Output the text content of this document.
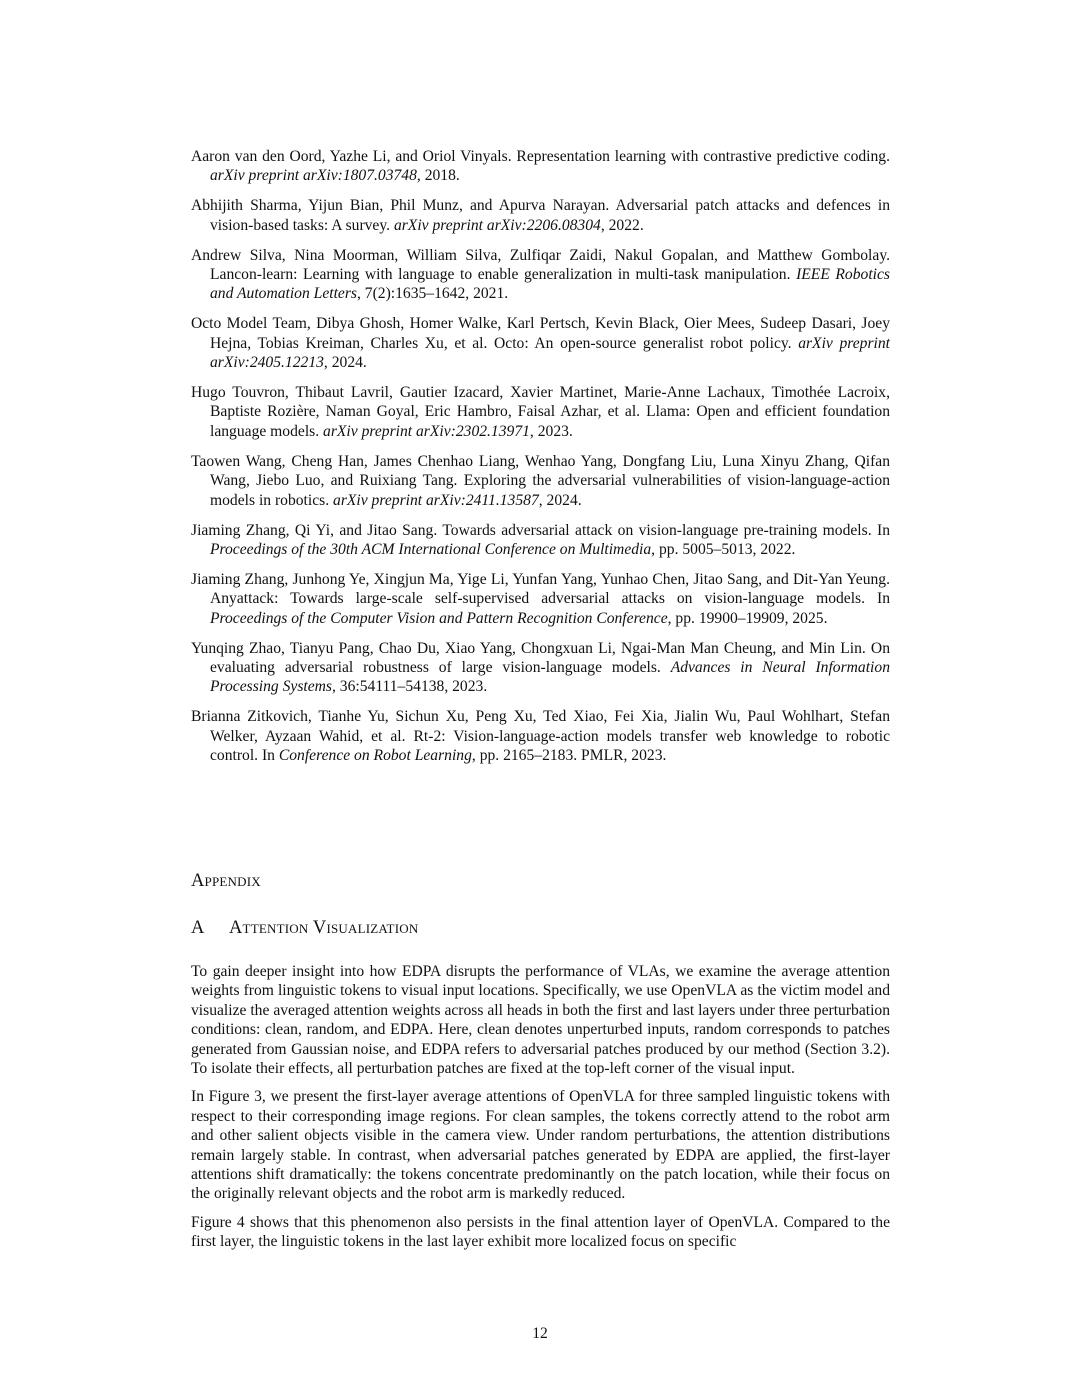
Aaron van den Oord, Yazhe Li, and Oriol Vinyals. Representation learning with contrastive predictive coding. arXiv preprint arXiv:1807.03748, 2018.

Abhijith Sharma, Yijun Bian, Phil Munz, and Apurva Narayan. Adversarial patch attacks and defences in vision-based tasks: A survey. arXiv preprint arXiv:2206.08304, 2022.

Andrew Silva, Nina Moorman, William Silva, Zulfiqar Zaidi, Nakul Gopalan, and Matthew Gombolay. Lancon-learn: Learning with language to enable generalization in multi-task manipulation. IEEE Robotics and Automation Letters, 7(2):1635–1642, 2021.

Octo Model Team, Dibya Ghosh, Homer Walke, Karl Pertsch, Kevin Black, Oier Mees, Sudeep Dasari, Joey Hejna, Tobias Kreiman, Charles Xu, et al. Octo: An open-source generalist robot policy. arXiv preprint arXiv:2405.12213, 2024.

Hugo Touvron, Thibaut Lavril, Gautier Izacard, Xavier Martinet, Marie-Anne Lachaux, Timothée Lacroix, Baptiste Rozière, Naman Goyal, Eric Hambro, Faisal Azhar, et al. Llama: Open and efficient foundation language models. arXiv preprint arXiv:2302.13971, 2023.

Taowen Wang, Cheng Han, James Chenhao Liang, Wenhao Yang, Dongfang Liu, Luna Xinyu Zhang, Qifan Wang, Jiebo Luo, and Ruixiang Tang. Exploring the adversarial vulnerabilities of vision-language-action models in robotics. arXiv preprint arXiv:2411.13587, 2024.

Jiaming Zhang, Qi Yi, and Jitao Sang. Towards adversarial attack on vision-language pre-training models. In Proceedings of the 30th ACM International Conference on Multimedia, pp. 5005–5013, 2022.

Jiaming Zhang, Junhong Ye, Xingjun Ma, Yige Li, Yunfan Yang, Yunhao Chen, Jitao Sang, and Dit-Yan Yeung. Anyattack: Towards large-scale self-supervised adversarial attacks on vision-language models. In Proceedings of the Computer Vision and Pattern Recognition Conference, pp. 19900–19909, 2025.

Yunqing Zhao, Tianyu Pang, Chao Du, Xiao Yang, Chongxuan Li, Ngai-Man Man Cheung, and Min Lin. On evaluating adversarial robustness of large vision-language models. Advances in Neural Information Processing Systems, 36:54111–54138, 2023.

Brianna Zitkovich, Tianhe Yu, Sichun Xu, Peng Xu, Ted Xiao, Fei Xia, Jialin Wu, Paul Wohlhart, Stefan Welker, Ayzaan Wahid, et al. Rt-2: Vision-language-action models transfer web knowledge to robotic control. In Conference on Robot Learning, pp. 2165–2183. PMLR, 2023.

Appendix
A Attention Visualization

To gain deeper insight into how EDPA disrupts the performance of VLAs, we examine the average attention weights from linguistic tokens to visual input locations. Specifically, we use OpenVLA as the victim model and visualize the averaged attention weights across all heads in both the first and last layers under three perturbation conditions: clean, random, and EDPA. Here, clean denotes unperturbed inputs, random corresponds to patches generated from Gaussian noise, and EDPA refers to adversarial patches produced by our method (Section 3.2). To isolate their effects, all perturbation patches are fixed at the top-left corner of the visual input.

In Figure 3, we present the first-layer average attentions of OpenVLA for three sampled linguistic tokens with respect to their corresponding image regions. For clean samples, the tokens correctly attend to the robot arm and other salient objects visible in the camera view. Under random perturbations, the attention distributions remain largely stable. In contrast, when adversarial patches generated by EDPA are applied, the first-layer attentions shift dramatically: the tokens concentrate predominantly on the patch location, while their focus on the originally relevant objects and the robot arm is markedly reduced.

Figure 4 shows that this phenomenon also persists in the final attention layer of OpenVLA. Compared to the first layer, the linguistic tokens in the last layer exhibit more localized focus on specific

12
